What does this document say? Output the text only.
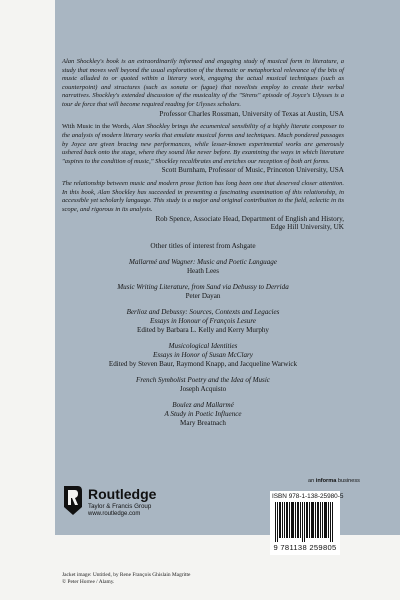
Alan Shockley's book is an extraordinarily informed and engaging study of musical form in literature, a study that moves well beyond the usual exploration of the thematic or metaphorical relevance of the bits of music alluded to or quoted within a literary work, engaging the actual musical techniques (such as counterpoint) and structures (such as sonata or fugue) that novelists employ to create their verbal narratives. Shockley's extended discussion of the musicality of the "Sirens" episode of Joyce's Ulysses is a tour de force that will become required reading for Ulysses scholars.

Professor Charles Rossman, University of Texas at Austin, USA

With Music in the Words, Alan Shockley brings the ecumenical sensibility of a highly literate composer to the analysis of modern literary works that emulate musical forms and techniques. Much pondered passages by Joyce are given bracing new performances, while lesser-known experimental works are generously ushered back onto the stage, where they sound like never before. By examining the ways in which literature "aspires to the condition of music," Shockley recalibrates and enriches our reception of both art forms.

Scott Burnham, Professor of Music, Princeton University, USA

The relationship between music and modern prose fiction has long been one that deserved closer attention. In this book, Alan Shockley has succeeded in presenting a fascinating examination of this relationship, in accessible yet scholarly language. This study is a major and original contribution to the field, eclectic in its scope, and rigorous in its analysis.

Rob Spence, Associate Head, Department of English and History,

Edge Hill University, UK

Other titles of interest from Ashgate

Mallarmé and Wagner: Music and Poetic Language
Heath Lees
Music Writing Literature, from Sand via Debussy to Derrida
Peter Dayan
Berlioz and Debussy: Sources, Contexts and Legacies
Essays in Honour of François Lesure
Edited by Barbara L. Kelly and Kerry Murphy
Musicological Identities
Essays in Honor of Susan McClary
Edited by Steven Baur, Raymond Knapp, and Jacqueline Warwick
French Symbolist Poetry and the Idea of Music
Joseph Acquisto
Boulez and Mallarmé
A Study in Poetic Influence
Mary Breatnach
an informa business
Routledge
Taylor & Francis Group
www.routledge.com
ISBN 978-1-138-25980-5
9 781138 259805

Jacket image: Untitled, by Rene François Ghislain Magritte
© Peter Horree / Alamy.
